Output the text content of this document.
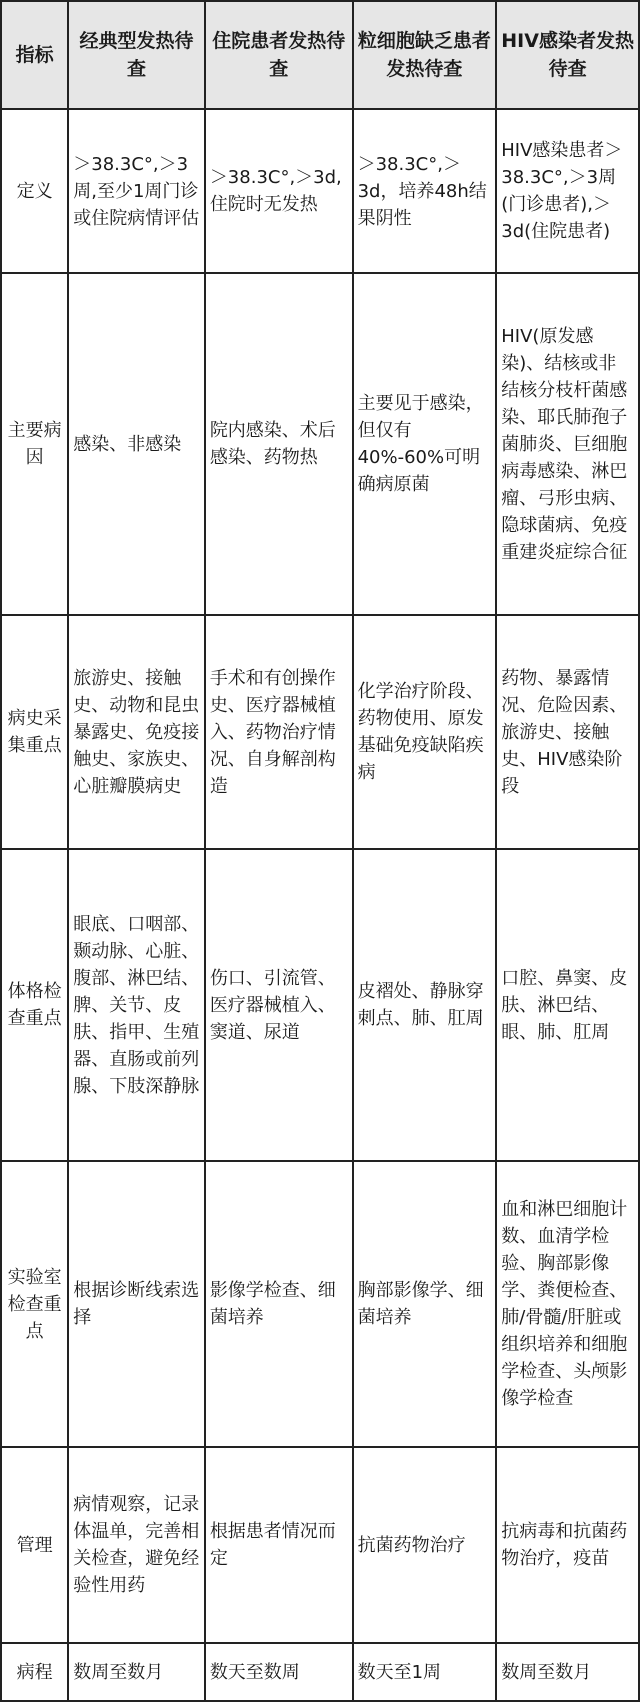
指标	经典型发热待查	住院患者发热待查	粒细胞缺乏患者发热待查	HIV感染者发热待查
定义	＞38.3C°,＞3周,至少1周门诊或住院病情评估	＞38.3C°,＞3d,住院时无发热	＞38.3C°,＞3d，培养48h结果阴性	HIV感染患者＞38.3C°,＞3周(门诊患者),＞3d(住院患者)
主要病因	感染、非感染	院内感染、术后感染、药物热	主要见于感染，但仅有40%-60%可明确病原菌	HIV(原发感染)、结核或非结核分枝杆菌感染、耶氏肺孢子菌肺炎、巨细胞病毒感染、淋巴瘤、弓形虫病、隐球菌病、免疫重建炎症综合征
病史采集重点	旅游史、接触史、动物和昆虫暴露史、免疫接触史、家族史、心脏瓣膜病史	手术和有创操作史、医疗器械植入、药物治疗情况、自身解剖构造	化学治疗阶段、药物使用、原发基础免疫缺陷疾病	药物、暴露情况、危险因素、旅游史、接触史、HIV感染阶段
体格检查重点	眼底、口咽部、颞动脉、心脏、腹部、淋巴结、脾、关节、皮肤、指甲、生殖器、直肠或前列腺、下肢深静脉	伤口、引流管、医疗器械植入、窦道、尿道	皮褶处、静脉穿刺点、肺、肛周	口腔、鼻窦、皮肤、淋巴结、眼、肺、肛周
实验室检查重点	根据诊断线索选择	影像学检查、细菌培养	胸部影像学、细菌培养	血和淋巴细胞计数、血清学检验、胸部影像学、粪便检查、肺/骨髓/肝脏或组织培养和细胞学检查、头颅影像学检查
管理	病情观察，记录体温单，完善相关检查，避免经验性用药	根据患者情况而定	抗菌药物治疗	抗病毒和抗菌药物治疗，疫苗
病程	数周至数月	数天至数周	数天至1周	数周至数月
